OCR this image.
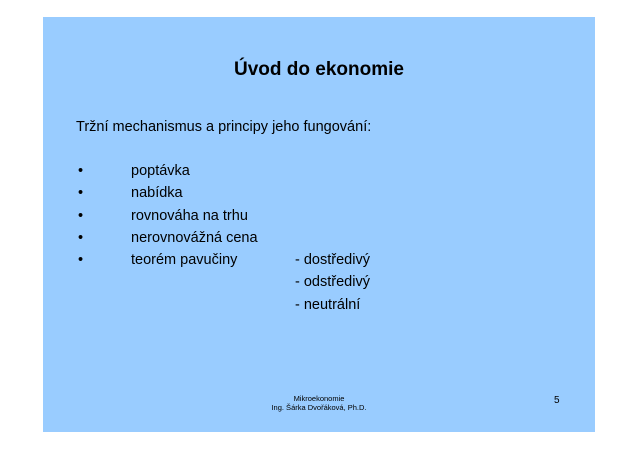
Úvod do ekonomie
Tržní mechanismus a principy jeho fungování:
•	poptávka
•	nabídka
•	rovnováha na trhu
•	nerovnovážná cena
•	teorém pavučiny	- dostředivý
- odstředivý
- neutrální
Mikroekonomie
Ing. Šárka Dvořáková, Ph.D.
5
